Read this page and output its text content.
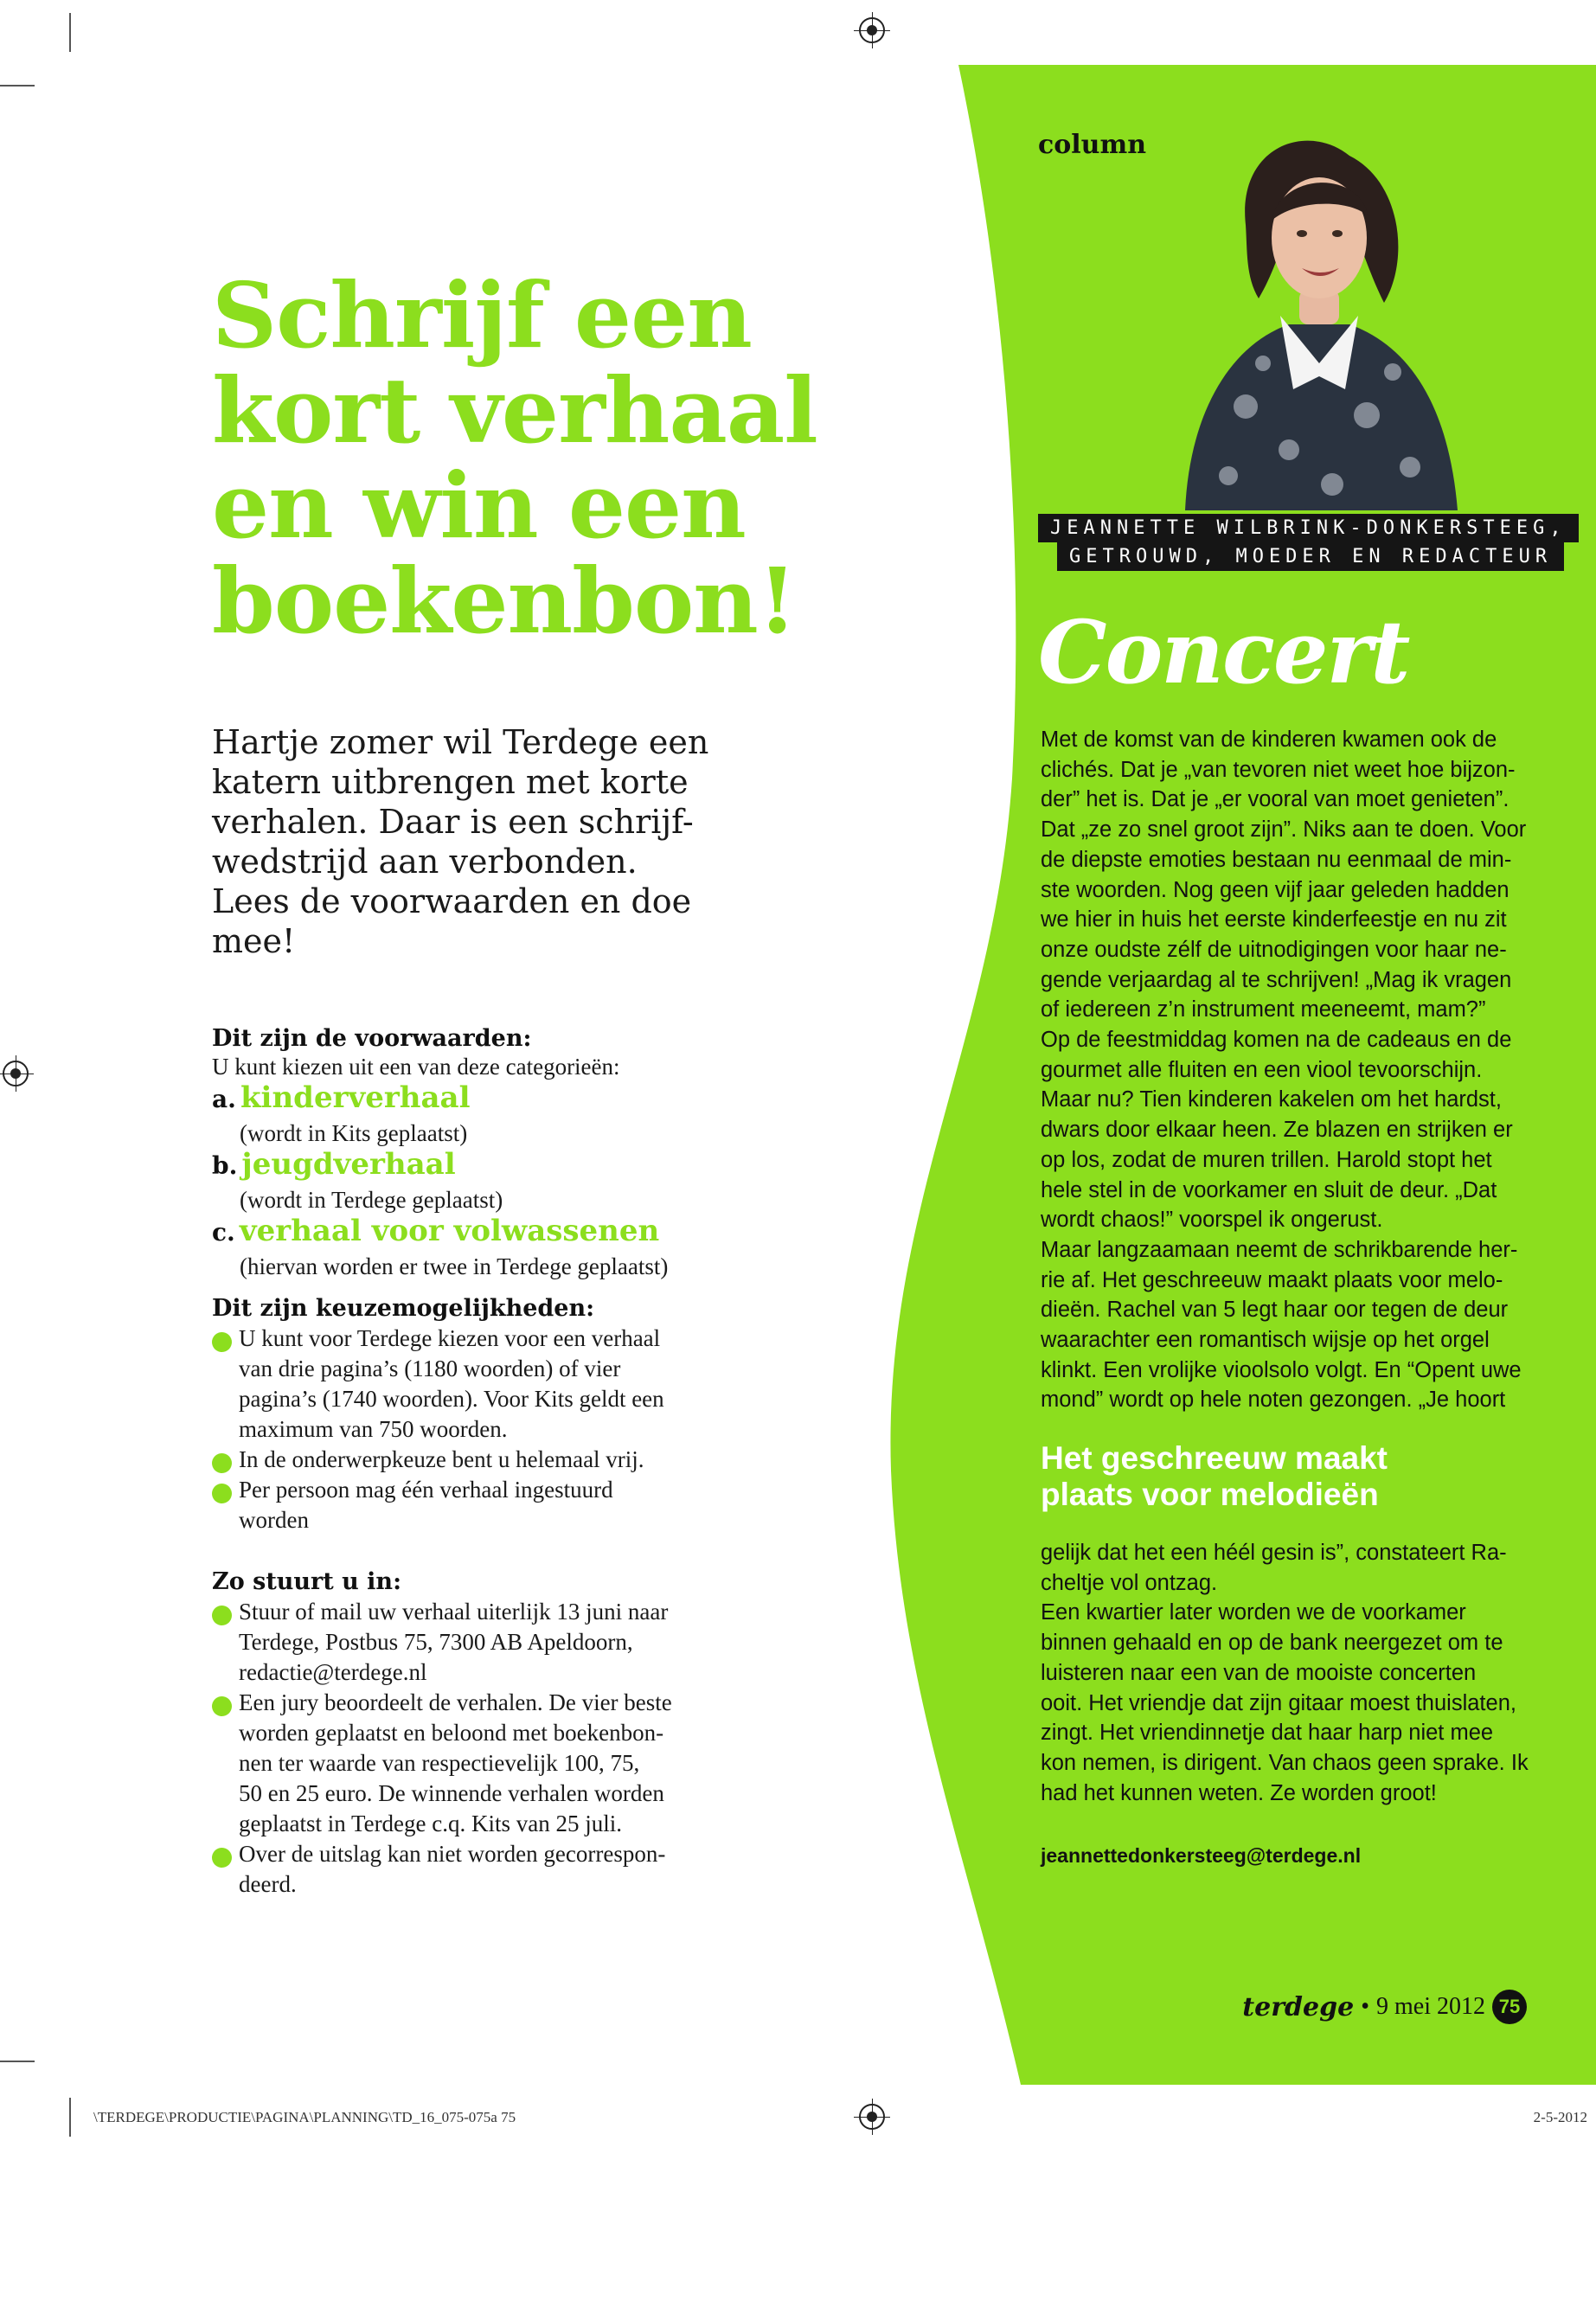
column
JEANNETTE WILBRINK-DONKERSTEEG,
GETROUWD, MOEDER EN REDACTEUR
Concert

Met de komst van de kinderen kwamen ook de
clichés. Dat je „van tevoren niet weet hoe bijzon-
der” het is. Dat je „er vooral van moet genieten”.
Dat „ze zo snel groot zijn”. Niks aan te doen. Voor
de diepste emoties bestaan nu eenmaal de min-
ste woorden. Nog geen vijf jaar geleden hadden
we hier in huis het eerste kinderfeestje en nu zit
onze oudste zélf de uitnodigingen voor haar ne-
gende verjaardag al te schrijven! „Mag ik vragen
of iedereen z’n instrument meeneemt, mam?”
Op de feestmiddag komen na de cadeaus en de
gourmet alle fluiten en een viool tevoorschijn.
Maar nu? Tien kinderen kakelen om het hardst,
dwars door elkaar heen. Ze blazen en strijken er
op los, zodat de muren trillen. Harold stopt het
hele stel in de voorkamer en sluit de deur. „Dat
wordt chaos!” voorspel ik ongerust.
Maar langzaamaan neemt de schrikbarende her-
rie af. Het geschreeuw maakt plaats voor melo-
dieën. Rachel van 5 legt haar oor tegen de deur
waarachter een romantisch wijsje op het orgel
klinkt. Een vrolijke vioolsolo volgt. En “Opent uwe
mond” wordt op hele noten gezongen. „Je hoort

Het geschreeuw maakt
plaats voor melodieën

gelijk dat het een héél gesin is”, constateert Ra-
cheltje vol ontzag.
Een kwartier later worden we de voorkamer
binnen gehaald en op de bank neergezet om te
luisteren naar een van de mooiste concerten
ooit. Het vriendje dat zijn gitaar moest thuislaten,
zingt. Het vriendinnetje dat haar harp niet mee
kon nemen, is dirigent. Van chaos geen sprake. Ik
had het kunnen weten. Ze worden groot!

jeannettedonkersteeg@terdege.nl
Schrijf een
kort verhaal
en win een
boekenbon!

Hartje zomer wil Terdege een
katern uitbrengen met korte
verhalen. Daar is een schrijf-
wedstrijd aan verbonden.
Lees de voorwaarden en doe
mee!

Dit zijn de voorwaarden:

U kunt kiezen uit een van deze categorieën:
a. kinderverhaal
(wordt in Kits geplaatst)
b. jeugdverhaal
(wordt in Terdege geplaatst)
c. verhaal voor volwassenen
(hiervan worden er twee in Terdege geplaatst)

Dit zijn keuzemogelijkheden:

U kunt voor Terdege kiezen voor een verhaal
van drie pagina’s (1180 woorden) of vier
pagina’s (1740 woorden). Voor Kits geldt een
maximum van 750 woorden.
In de onderwerpkeuze bent u helemaal vrij.
Per persoon mag één verhaal ingestuurd
worden

Zo stuurt u in:

Stuur of mail uw verhaal uiterlijk 13 juni naar
Terdege, Postbus 75, 7300 AB Apeldoorn,
redactie@terdege.nl
Een jury beoordeelt de verhalen. De vier beste
worden geplaatst en beloond met boekenbon-
nen ter waarde van respectievelijk 100, 75,
50 en 25 euro. De winnende verhalen worden
geplaatst in Terdege c.q. Kits van 25 juli.
Over de uitslag kan niet worden gecorrespon-
deerd.
terdege • 9 mei 2012 75
\TERDEGE\PRODUCTIE\PAGINA\PLANNING\TD_16_075-075a 75	2-5-2012
